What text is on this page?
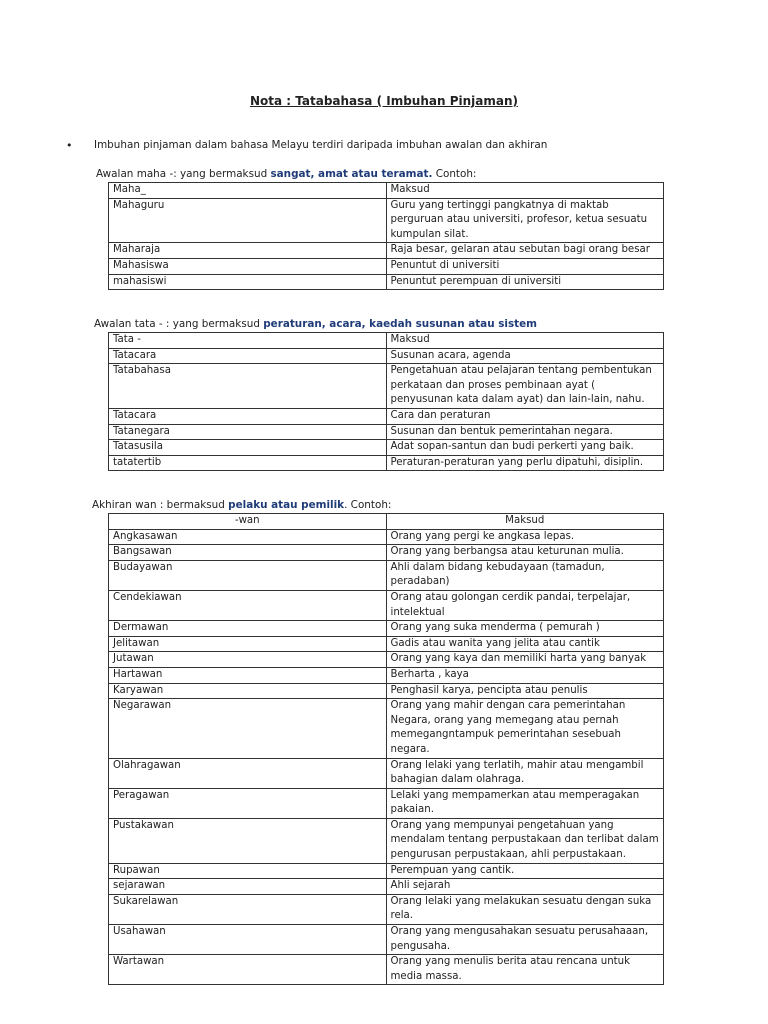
Nota : Tatabahasa ( Imbuhan Pinjaman)
• Imbuhan pinjaman dalam bahasa Melayu terdiri daripada imbuhan awalan dan akhiran
Awalan maha -: yang bermaksud sangat, amat atau teramat. Contoh:
Maha_	Maksud
Mahaguru	Guru yang tertinggi pangkatnya di maktab perguruan atau universiti, profesor, ketua sesuatu kumpulan silat.
Maharaja	Raja besar, gelaran atau sebutan bagi orang besar
Mahasiswa	Penuntut di universiti
mahasiswi	Penuntut perempuan di universiti
Awalan tata - : yang bermaksud peraturan, acara, kaedah susunan atau sistem
Tata -	Maksud
Tatacara	Susunan acara, agenda
Tatabahasa	Pengetahuan atau pelajaran tentang pembentukan perkataan dan proses pembinaan ayat ( penyusunan kata dalam ayat) dan lain-lain, nahu.
Tatacara	Cara dan peraturan
Tatanegara	Susunan dan bentuk pemerintahan negara.
Tatasusila	Adat sopan-santun dan budi perkerti yang baik.
tatatertib	Peraturan-peraturan yang perlu dipatuhi, disiplin.
Akhiran wan : bermaksud pelaku atau pemilik. Contoh:
-wan	Maksud
Angkasawan	Orang yang pergi ke angkasa lepas.
Bangsawan	Orang yang berbangsa atau keturunan mulia.
Budayawan	Ahli dalam bidang kebudayaan (tamadun, peradaban)
Cendekiawan	Orang atau golongan cerdik pandai, terpelajar, intelektual
Dermawan	Orang yang suka menderma ( pemurah )
Jelitawan	Gadis atau wanita yang jelita atau cantik
Jutawan	Orang yang kaya dan memiliki harta yang banyak
Hartawan	Berharta , kaya
Karyawan	Penghasil karya, pencipta atau penulis
Negarawan	Orang yang mahir dengan cara pemerintahan Negara, orang yang memegang atau pernah memegangntampuk pemerintahan sesebuah negara.
Olahragawan	Orang lelaki yang terlatih, mahir atau mengambil bahagian dalam olahraga.
Peragawan	Lelaki yang mempamerkan atau memperagakan pakaian.
Pustakawan	Orang yang mempunyai pengetahuan yang mendalam tentang perpustakaan dan terlibat dalam pengurusan perpustakaan, ahli perpustakaan.
Rupawan	Perempuan yang cantik.
sejarawan	Ahli sejarah
Sukarelawan	Orang lelaki yang melakukan sesuatu dengan suka rela.
Usahawan	Orang yang mengusahakan sesuatu perusahaaan, pengusaha.
Wartawan	Orang yang menulis berita atau rencana untuk media massa.
